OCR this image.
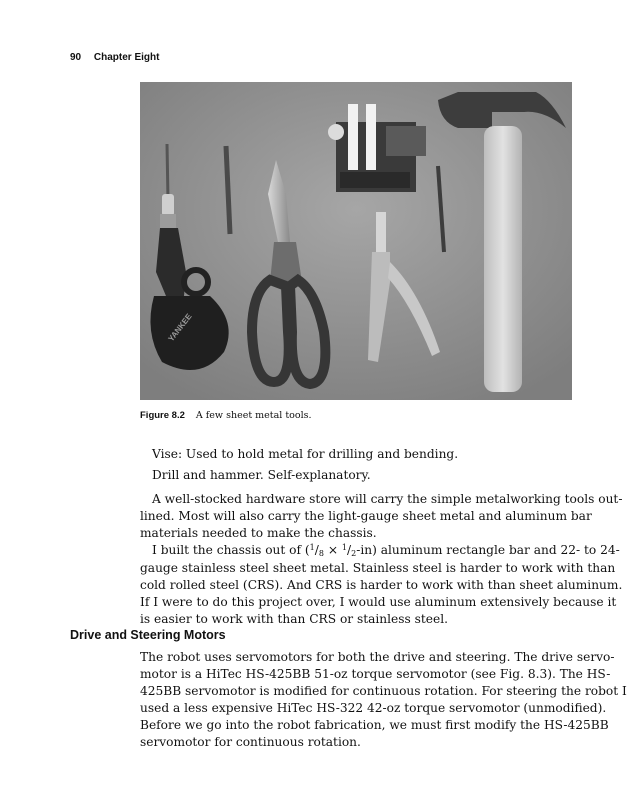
90 Chapter Eight
YANKEE
Figure 8.2 A few sheet metal tools.
Vise: Used to hold metal for drilling and bending.
Drill and hammer. Self-explanatory.
A well-stocked hardware store will carry the simple metalworking tools out-
lined. Most will also carry the light-gauge sheet metal and aluminum bar
materials needed to make the chassis.
I built the chassis out of ($^1$/8 × $^1$/2-in) aluminum rectangle bar and 22- to 24-
gauge stainless steel sheet metal. Stainless steel is harder to work with than
cold rolled steel (CRS). And CRS is harder to work with than sheet aluminum.
If I were to do this project over, I would use aluminum extensively because it
is easier to work with than CRS or stainless steel.
Drive and Steering Motors
The robot uses servomotors for both the drive and steering. The drive servo-
motor is a HiTec HS-425BB 51-oz torque servomotor (see Fig. 8.3). The HS-
425BB servomotor is modified for continuous rotation. For steering the robot I
used a less expensive HiTec HS-322 42-oz torque servomotor (unmodified).
Before we go into the robot fabrication, we must first modify the HS-425BB
servomotor for continuous rotation.
